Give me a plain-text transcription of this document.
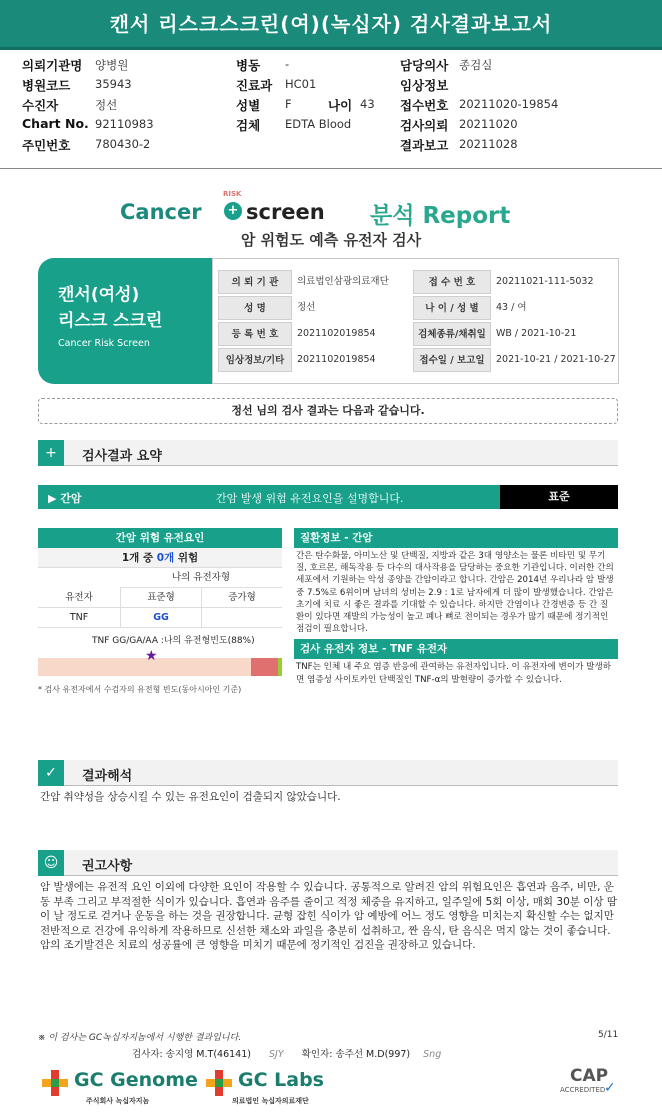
캔서 리스크스크린(여)(녹십자) 검사결과보고서
의뢰기관명 양병원
병원코드 35943
수진자	정선
Chart No. 92110983
주민번호 780430-2
병동 -
진료과 HC01
성별 F	나이 43
검체 EDTA Blood
담당의사 종검실
임상정보
접수번호 20211020-19854
검사의뢰 20211020
결과보고 20211028
Cancer
RISK
+ screen 분석 Report
암 위험도 예측 유전자 검사
캔서(여성)
리스크 스크린
Cancer Risk Screen
의 뢰 기 관	의료법인삼광의료재단	접 수 번 호	20211021-111-5032
성 명	정선	나 이 / 성 별	43 / 여
등 록 번 호	2021102019854	검체종류/채취일	WB / 2021-10-21
임상정보/기타	2021102019854	접수일 / 보고일	2021-10-21 / 2021-10-27
정선 님의 검사 결과는 다음과 같습니다.
+	검사결과 요약
▶ 간암	간암 발생 위험 유전요인을 설명합니다.	표준
간암 위험 유전요인
1개 중 0개 위험
나의 유전자형
유전자	표준형	증가형
TNF	GG
TNF GG/GA/AA :나의 유전형빈도(88%)
★
* 검사 유전자에서 수검자의 유전형 빈도(동아시아인 기준)
질환정보 - 간암
간은 탄수화물, 아미노산 및 단백질, 지방과 같은 3대 영양소는 물론 비타민 및 무기질, 호르몬, 해독작용 등 다수의 대사작용을 담당하는 중요한 기관입니다. 이러한 간의 세포에서 기원하는 악성 종양을 간암이라고 합니다. 간암은 2014년 우리나라 암 발생 중 7.5%로 6위이며 남녀의 성비는 2.9 : 1로 남자에게 더 많이 발생했습니다. 간암은 초기에 치료 시 좋은 결과를 기대할 수 있습니다. 하지만 간염이나 간경변증 등 간 질환이 있다면 재발의 가능성이 높고 폐나 뼈로 전이되는 경우가 많기 때문에 정기적인 점검이 필요합니다.
검사 유전자 정보 - TNF 유전자
TNF는 인체 내 주요 염증 반응에 관여하는 유전자입니다. 이 유전자에 변이가 발생하면 염증성 사이토카인 단백질인 TNF-α의 발현량이 증가할 수 있습니다.
✓	결과해석
간암 취약성을 상승시킬 수 있는 유전요인이 검출되지 않았습니다.
☺	권고사항
암 발생에는 유전적 요인 이외에 다양한 요인이 작용할 수 있습니다. 공통적으로 알려진 암의 위험요인은 흡연과 음주, 비만, 운동 부족 그리고 부적절한 식이가 있습니다. 흡연과 음주를 줄이고 적정 체중을 유지하고, 일주일에 5회 이상, 매회 30분 이상 땀이 날 정도로 걷거나 운동을 하는 것을 권장합니다. 균형 잡힌 식이가 암 예방에 어느 정도 영향을 미치는지 확신할 수는 없지만 전반적으로 건강에 유익하게 작용하므로 신선한 채소와 과일을 충분히 섭취하고, 짠 음식, 탄 음식은 먹지 않는 것이 좋습니다. 암의 조기발견은 치료의 성공률에 큰 영향을 미치기 때문에 정기적인 검진을 권장하고 있습니다.
※ 이 검사는 GC녹십자지놈에서 시행한 결과입니다.	5/11
검사자: 송지영 M.T(46141) SJY 확인자: 송주선 M.D(997) Sng
GC Genome
주식회사 녹십자지놈
GC Labs
의료법인 녹십자의료재단
CAP
ACCREDITED
✓
